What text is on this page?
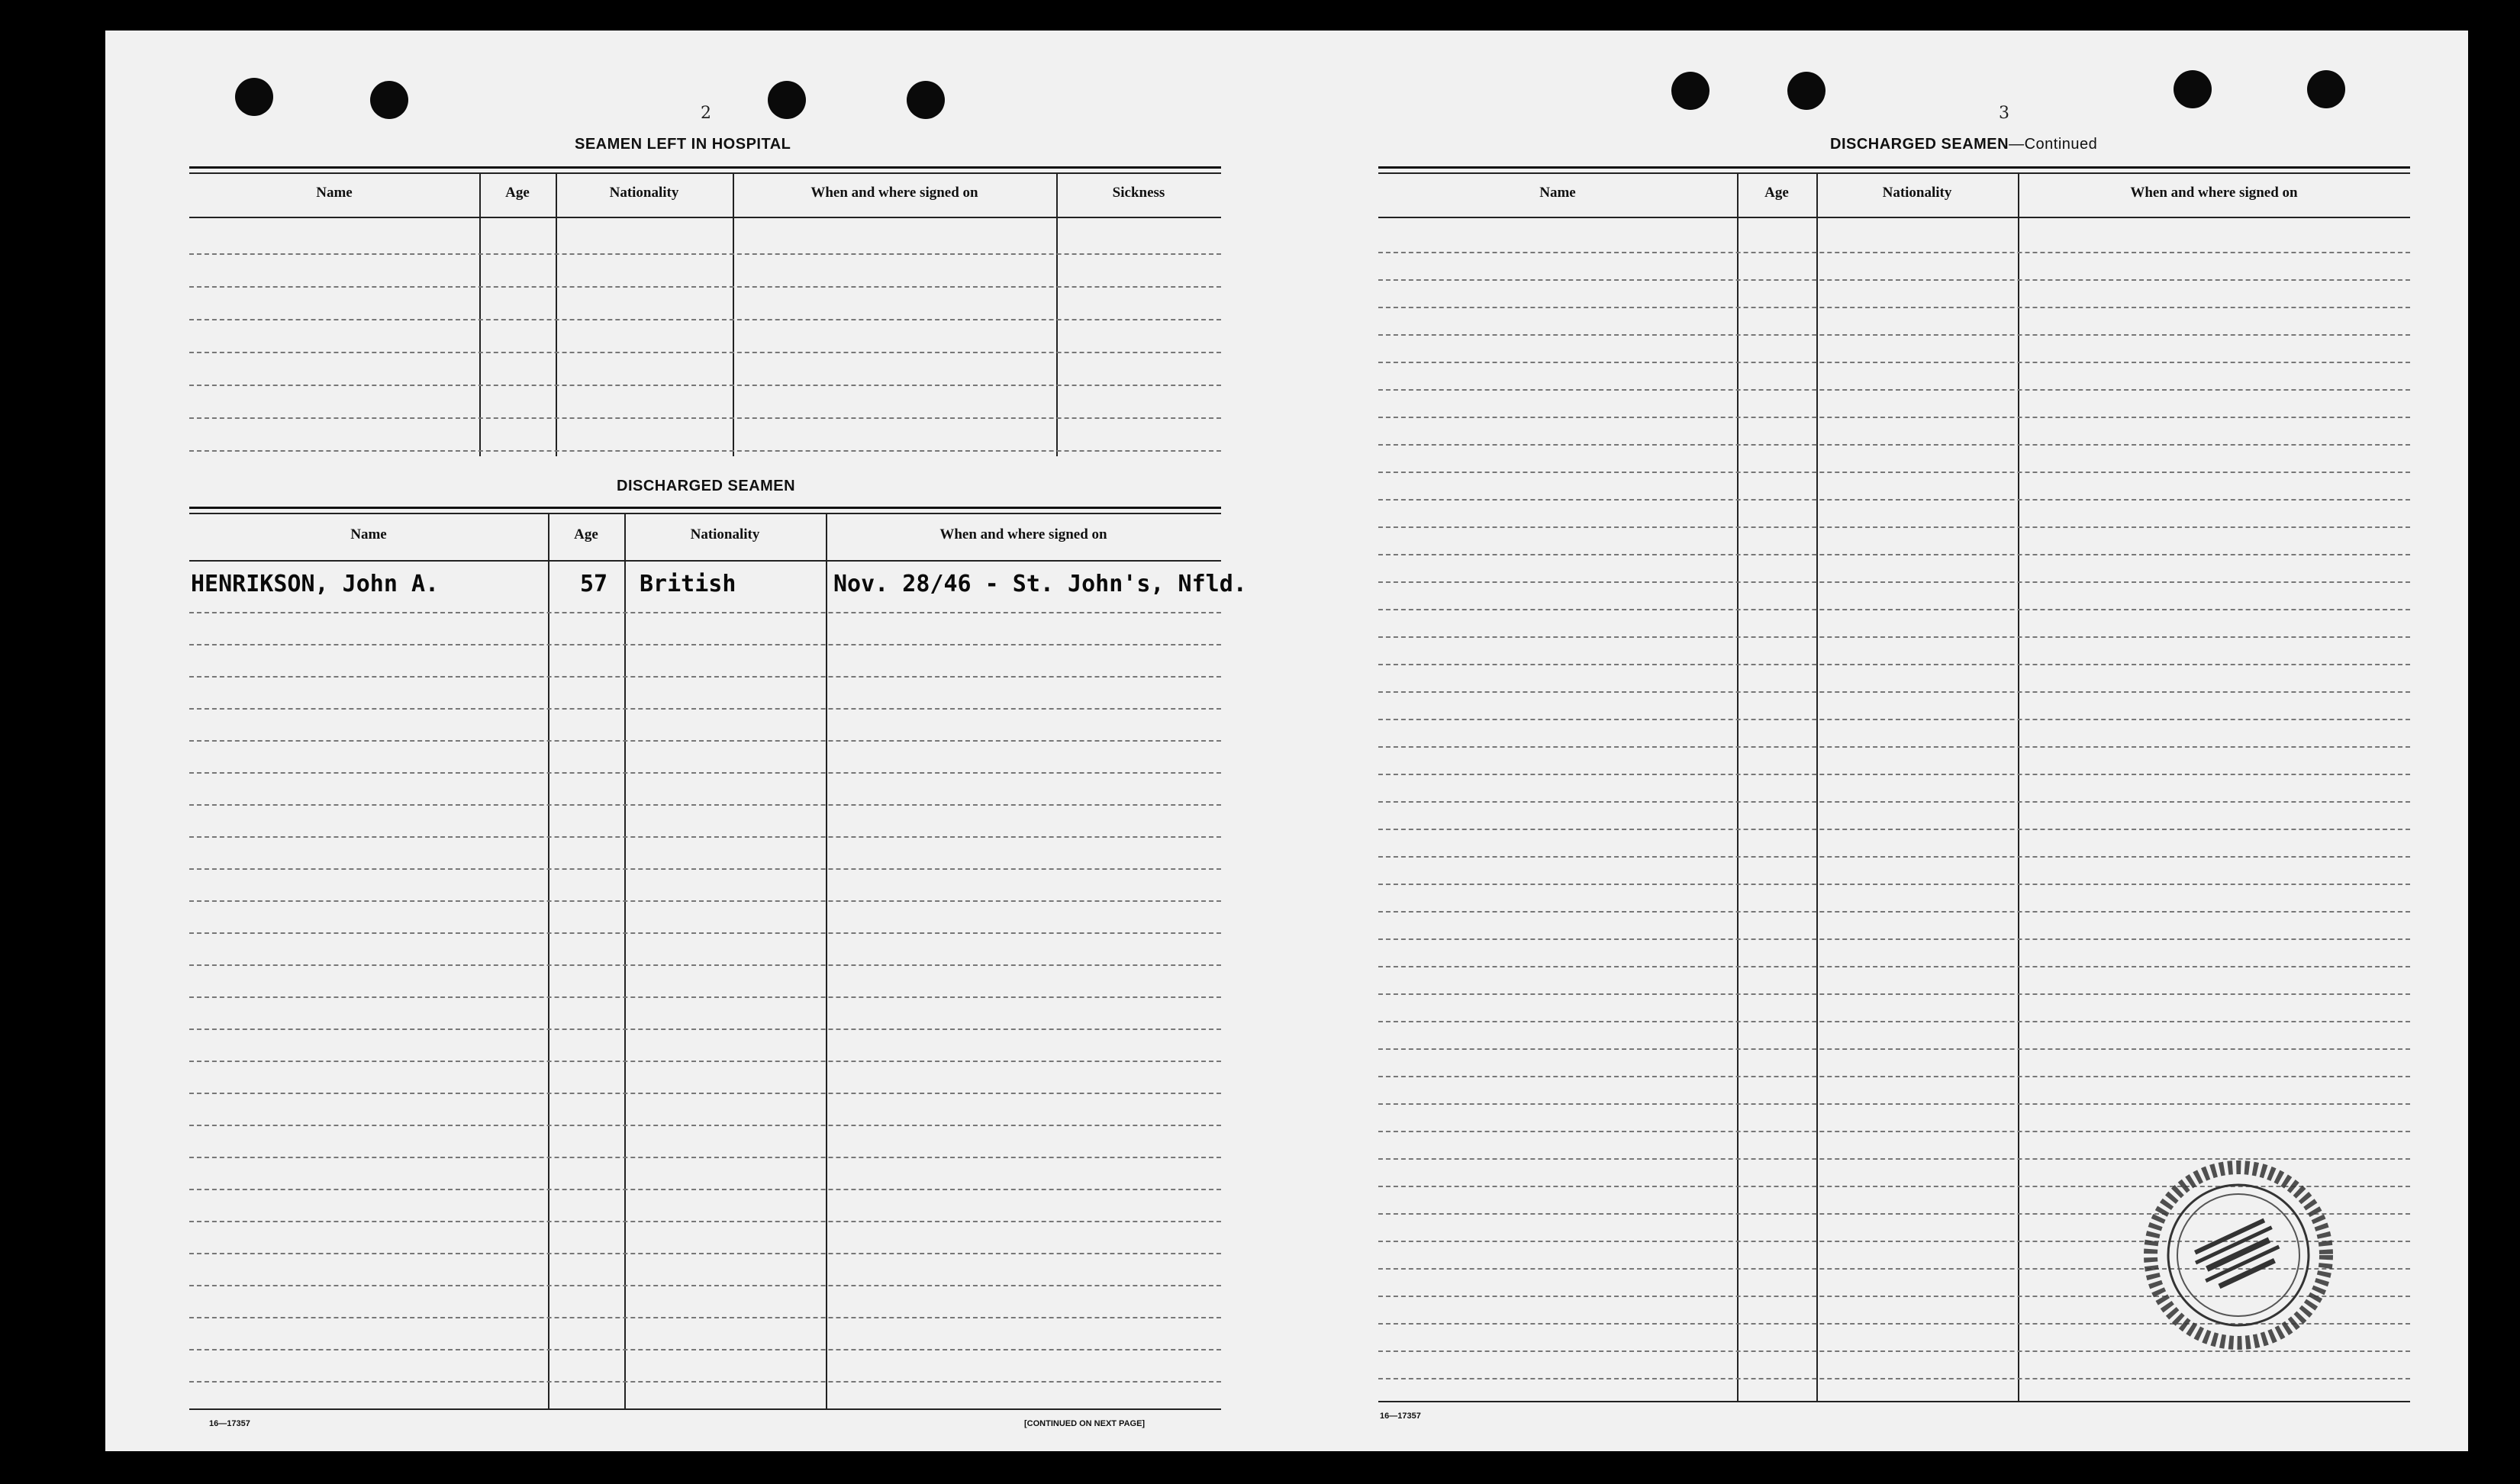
2
SEAMEN LEFT IN HOSPITAL
Name	Age	Nationality	When and where signed on	Sickness
DISCHARGED SEAMEN
Name	Age	Nationality	When and where signed on
HENRIKSON, John A.	57 British	Nov. 28/46 - St. John's, Nfld.
16—17357	[CONTINUED ON NEXT PAGE]
3
DISCHARGED SEAMEN—Continued
Name	Age	Nationality	When and where signed on
16—17357
